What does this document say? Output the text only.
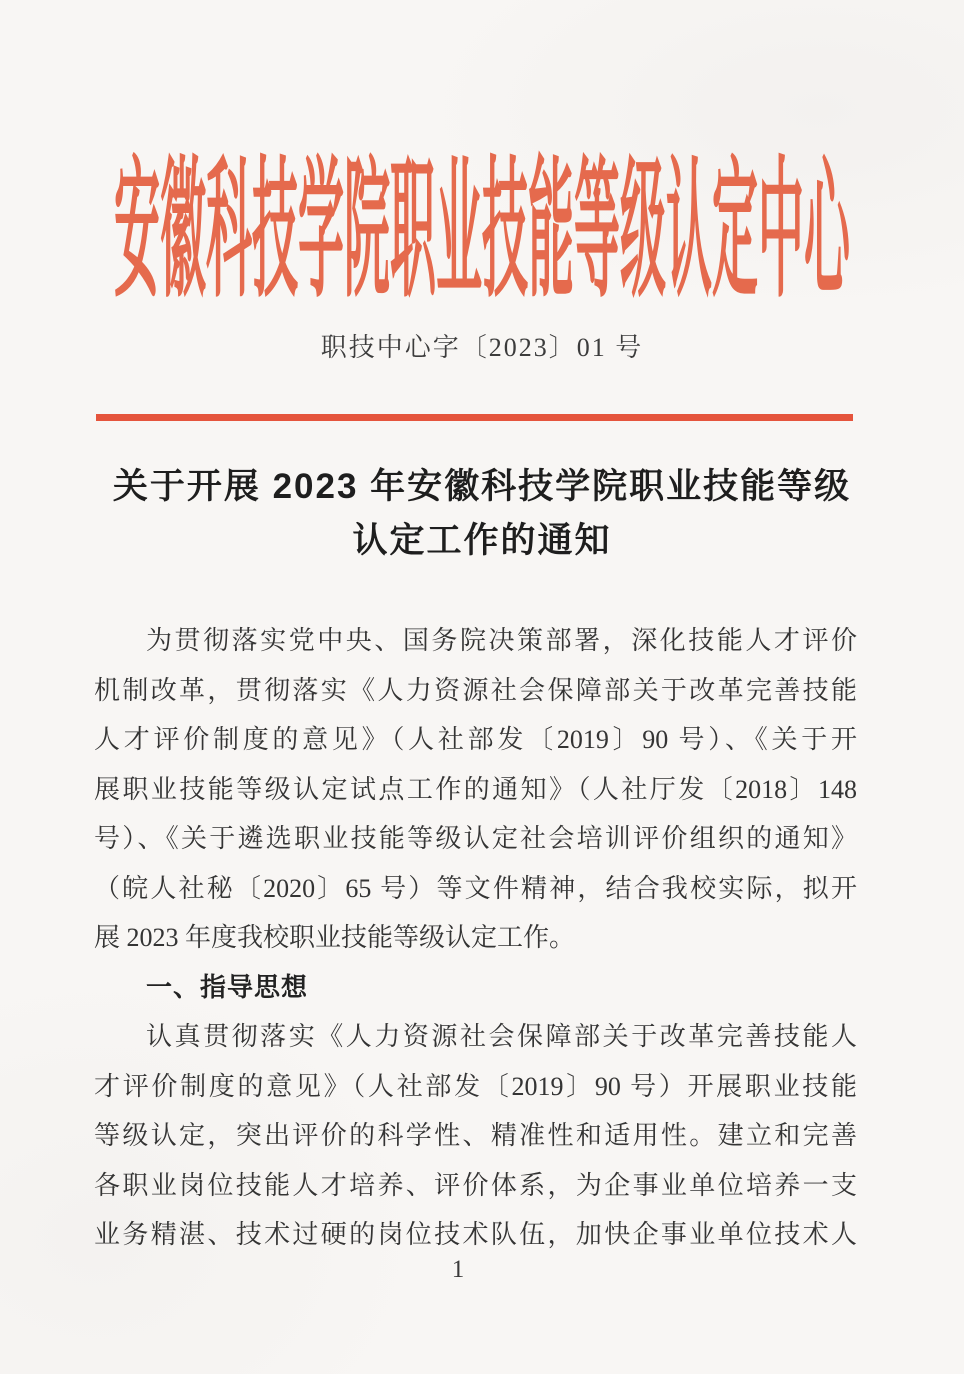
安徽科技学院职业技能等级认定中心
职技中心字〔2023〕01 号
关于开展 2023 年安徽科技学院职业技能等级
认定工作的通知
为贯彻落实党中央、国务院决策部署，深化技能人才评价
机制改革，贯彻落实《人力资源社会保障部关于改革完善技能
人才评价制度的意见》（人社部发〔2019〕90 号）、《关于开
展职业技能等级认定试点工作的通知》（人社厅发〔2018〕148
号）、《关于遴选职业技能等级认定社会培训评价组织的通知》
（皖人社秘〔2020〕65 号）等文件精神，结合我校实际，拟开
展 2023 年度我校职业技能等级认定工作。
一、指导思想
认真贯彻落实《人力资源社会保障部关于改革完善技能人
才评价制度的意见》（人社部发〔2019〕90 号）开展职业技能
等级认定，突出评价的科学性、精准性和适用性。建立和完善
各职业岗位技能人才培养、评价体系，为企事业单位培养一支
业务精湛、技术过硬的岗位技术队伍，加快企事业单位技术人
1
